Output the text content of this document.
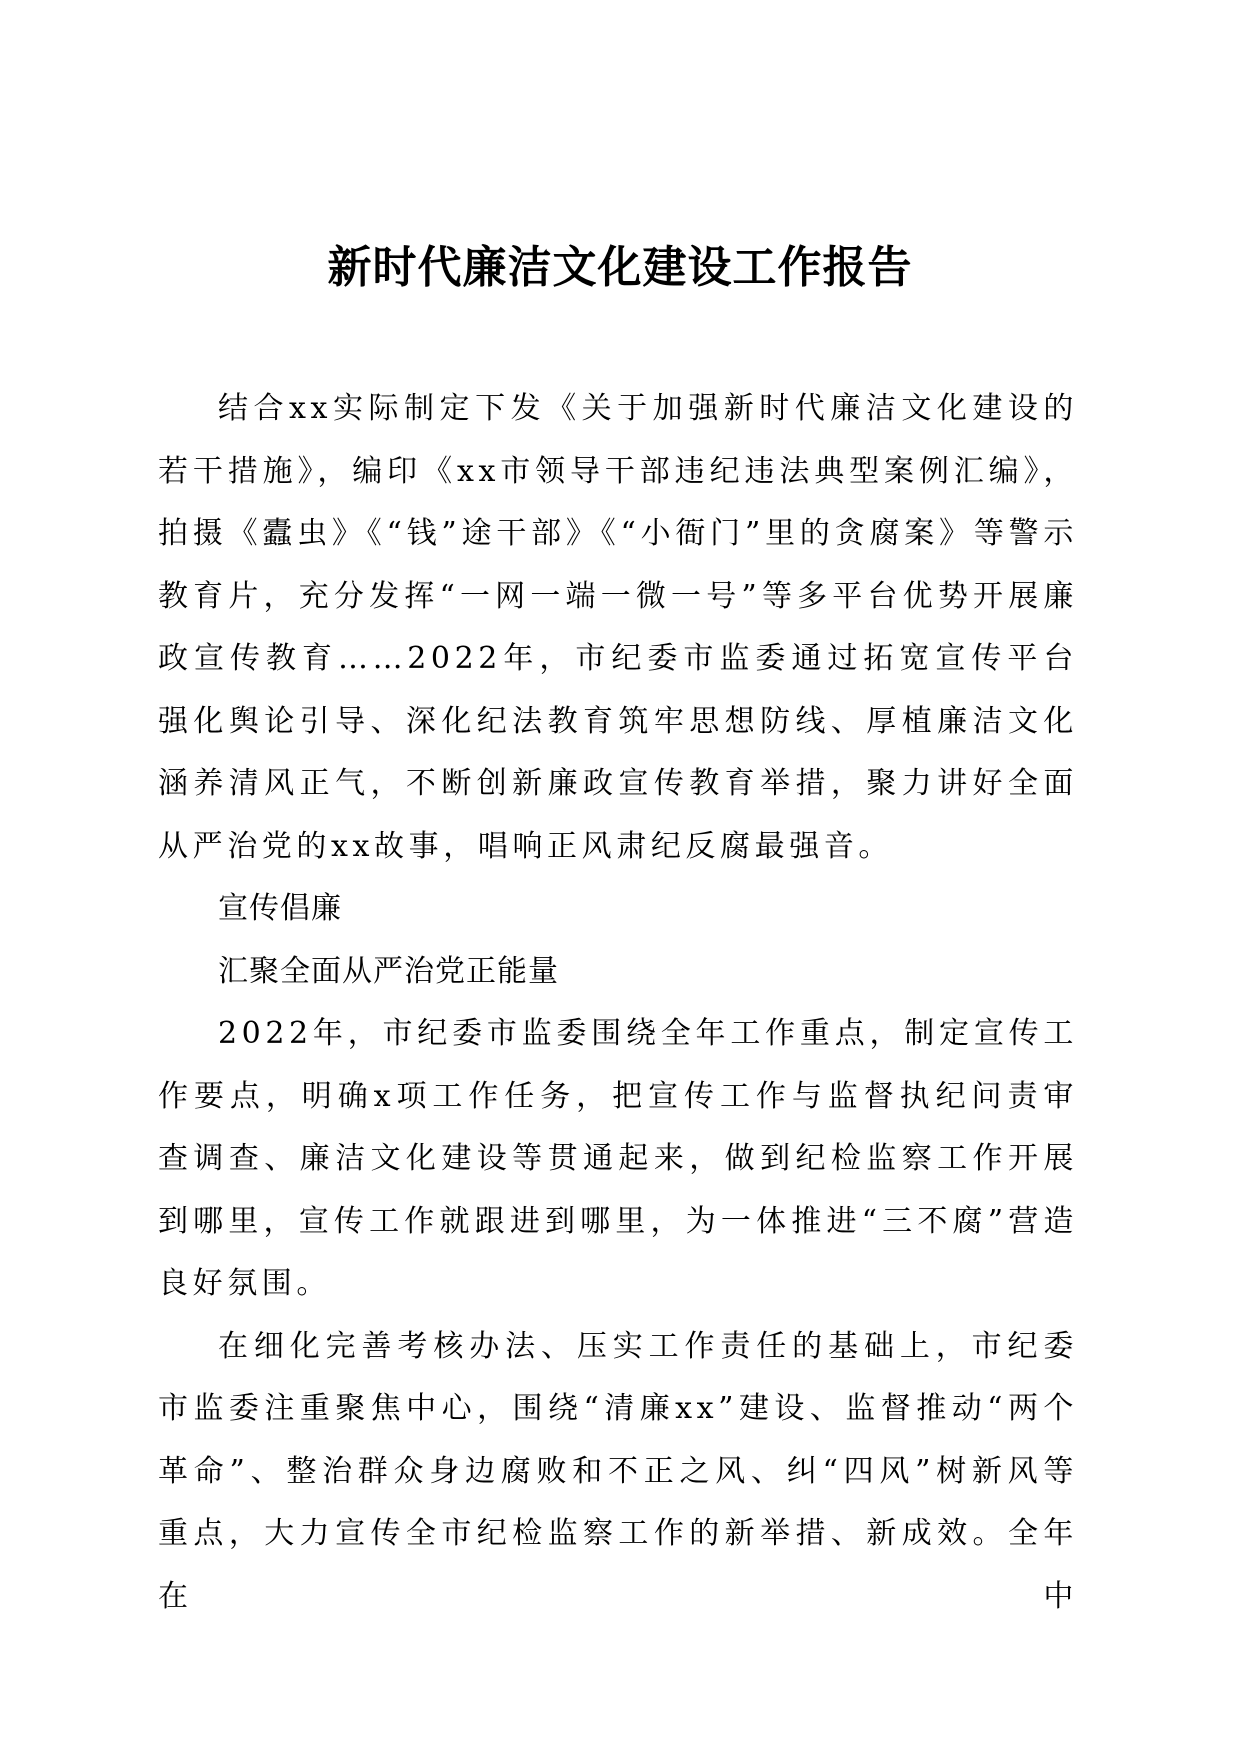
新时代廉洁文化建设工作报告

结合xx实际制定下发《关于加强新时代廉洁文化建设的若干措施》，编印《xx市领导干部违纪违法典型案例汇编》，拍摄《蠹虫》《“钱”途干部》《“小衙门”里的贪腐案》等警示教育片，充分发挥“一网一端一微一号”等多平台优势开展廉政宣传教育……2022年，市纪委市监委通过拓宽宣传平台强化舆论引导、深化纪法教育筑牢思想防线、厚植廉洁文化涵养清风正气，不断创新廉政宣传教育举措，聚力讲好全面从严治党的xx故事，唱响正风肃纪反腐最强音。

宣传倡廉

汇聚全面从严治党正能量

2022年，市纪委市监委围绕全年工作重点，制定宣传工作要点，明确x项工作任务，把宣传工作与监督执纪问责审查调查、廉洁文化建设等贯通起来，做到纪检监察工作开展到哪里，宣传工作就跟进到哪里，为一体推进“三不腐”营造良好氛围。

在细化完善考核办法、压实工作责任的基础上，市纪委市监委注重聚焦中心，围绕“清廉xx”建设、监督推动“两个革命”、整治群众身边腐败和不正之风、纠“四风”树新风等重点，大力宣传全市纪检监察工作的新举措、新成效。全年在中
